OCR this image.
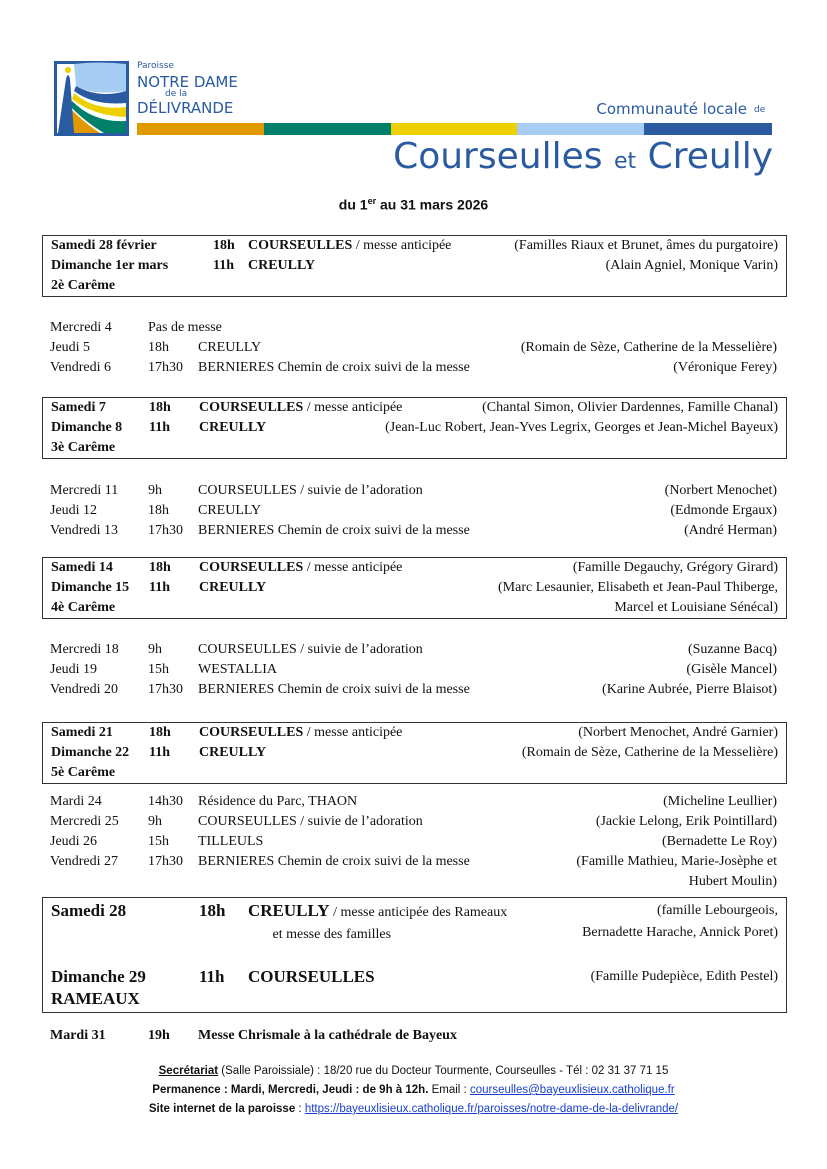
Paroisse
NOTRE DAME
de la
DÉLIVRANDE	Communauté locale de
Courseulles et Creully
du 1er au 31 mars 2026
Samedi 28 février	18h COURSEULLES / messe anticipée	(Familles Riaux et Brunet, âmes du purgatoire)
Dimanche 1er mars	11h CREULLY	(Alain Agniel, Monique Varin)
2è Carême
Mercredi 4	Pas de messe
Jeudi 5	18h CREULLY	(Romain de Sèze, Catherine de la Messelière)
Vendredi 6	17h30 BERNIERES Chemin de croix suivi de la messe	(Véronique Ferey)
Samedi 7	18h COURSEULLES / messe anticipée	(Chantal Simon, Olivier Dardennes, Famille Chanal)
Dimanche 8 11h CREULLY	(Jean-Luc Robert, Jean-Yves Legrix, Georges et Jean-Michel Bayeux)
3è Carême
Mercredi 11 9h	COURSEULLES / suivie de l’adoration	(Norbert Menochet)
Jeudi 12	18h CREULLY	(Edmonde Ergaux)
Vendredi 13 17h30 BERNIERES Chemin de croix suivi de la messe	(André Herman)
Samedi 14	18h COURSEULLES / messe anticipée	(Famille Degauchy, Grégory Girard)
Dimanche 15 11h CREULLY	(Marc Lesaunier, Elisabeth et Jean-Paul Thiberge,
4è Carême	Marcel et Louisiane Sénécal)
Mercredi 18 9h	COURSEULLES / suivie de l’adoration	(Suzanne Bacq)
Jeudi 19	15h WESTALLIA	(Gisèle Mancel)
Vendredi 20 17h30 BERNIERES Chemin de croix suivi de la messe	(Karine Aubrée, Pierre Blaisot)
Samedi 21	18h COURSEULLES / messe anticipée	(Norbert Menochet, André Garnier)
Dimanche 22 11h CREULLY	(Romain de Sèze, Catherine de la Messelière)
5è Carême
Mardi 24	14h30 Résidence du Parc, THAON	(Micheline Leullier)
Mercredi 25 9h	COURSEULLES / suivie de l’adoration	(Jackie Lelong, Erik Pointillard)
Jeudi 26	15h TILLEULS	(Bernadette Le Roy)
Vendredi 27 17h30 BERNIERES Chemin de croix suivi de la messe	(Famille Mathieu, Marie-Josèphe et
Hubert Moulin)
Samedi 28	18h CREULLY / messe anticipée des Rameaux	(famille Lebourgeois,
et messe des familles	Bernadette Harache, Annick Poret)
Dimanche 29	11h COURSEULLES	(Famille Pudepièce, Edith Pestel)
RAMEAUX
Mardi 31	19h Messe Chrismale à la cathédrale de Bayeux
Secrétariat (Salle Paroissiale) : 18/20 rue du Docteur Tourmente, Courseulles - Tél : 02 31 37 71 15
Permanence : Mardi, Mercredi, Jeudi : de 9h à 12h. Email : courseulles@bayeuxlisieux.catholique.fr
Site internet de la paroisse : https://bayeuxlisieux.catholique.fr/paroisses/notre-dame-de-la-delivrande/
